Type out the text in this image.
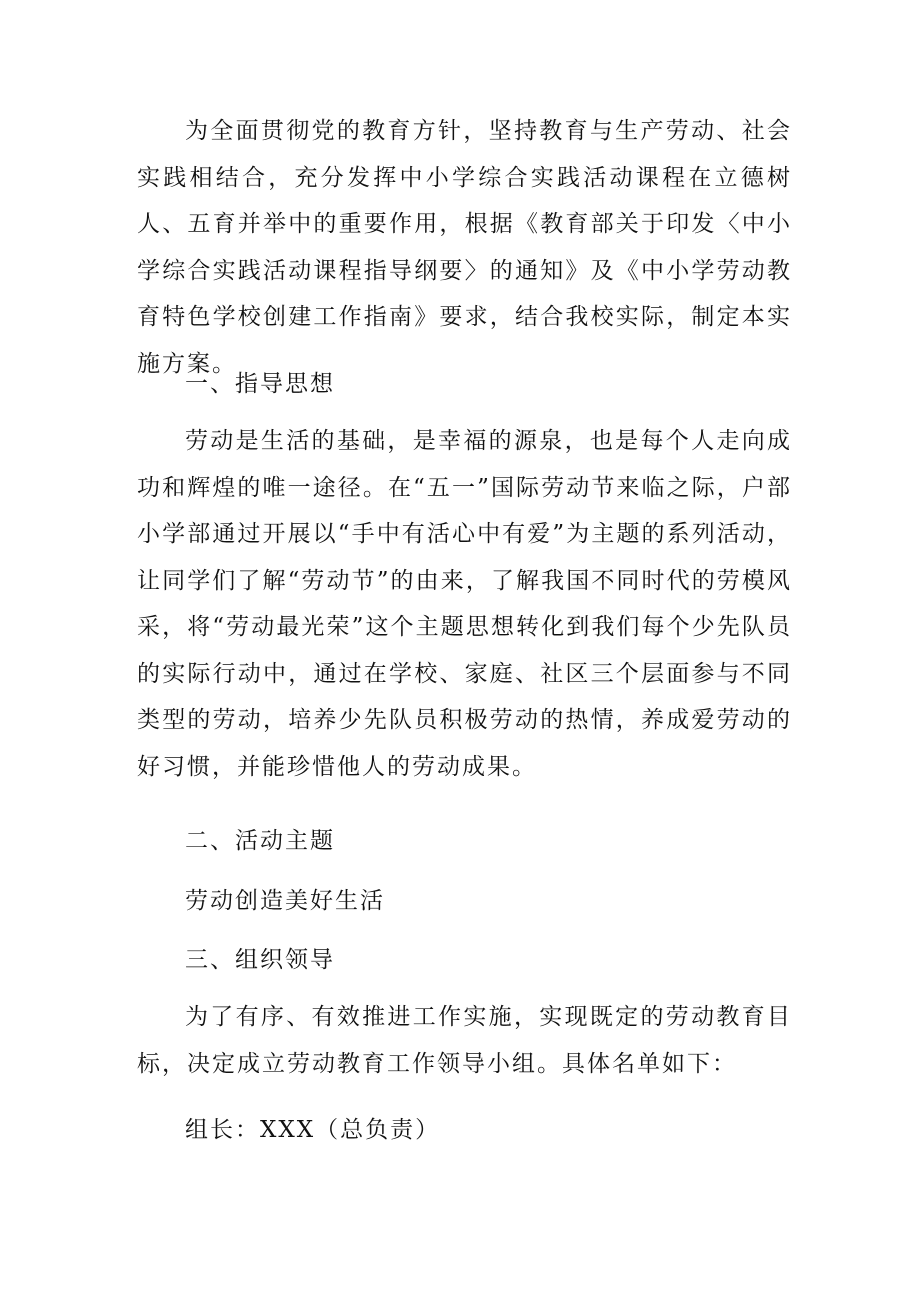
为全面贯彻党的教育方针，坚持教育与生产劳动、社会实践相结合，充分发挥中小学综合实践活动课程在立德树人、五育并举中的重要作用，根据《教育部关于印发〈中小学综合实践活动课程指导纲要〉的通知》及《中小学劳动教育特色学校创建工作指南》要求，结合我校实际，制定本实施方案。

一、指导思想

劳动是生活的基础，是幸福的源泉，也是每个人走向成功和辉煌的唯一途径。在“五一”国际劳动节来临之际，户部小学部通过开展以“手中有活心中有爱”为主题的系列活动，让同学们了解“劳动节”的由来，了解我国不同时代的劳模风采，将“劳动最光荣”这个主题思想转化到我们每个少先队员的实际行动中，通过在学校、家庭、社区三个层面参与不同类型的劳动，培养少先队员积极劳动的热情，养成爱劳动的好习惯，并能珍惜他人的劳动成果。

二、活动主题

劳动创造美好生活

三、组织领导

为了有序、有效推进工作实施，实现既定的劳动教育目标，决定成立劳动教育工作领导小组。具体名单如下：

组长：XXX（总负责）
